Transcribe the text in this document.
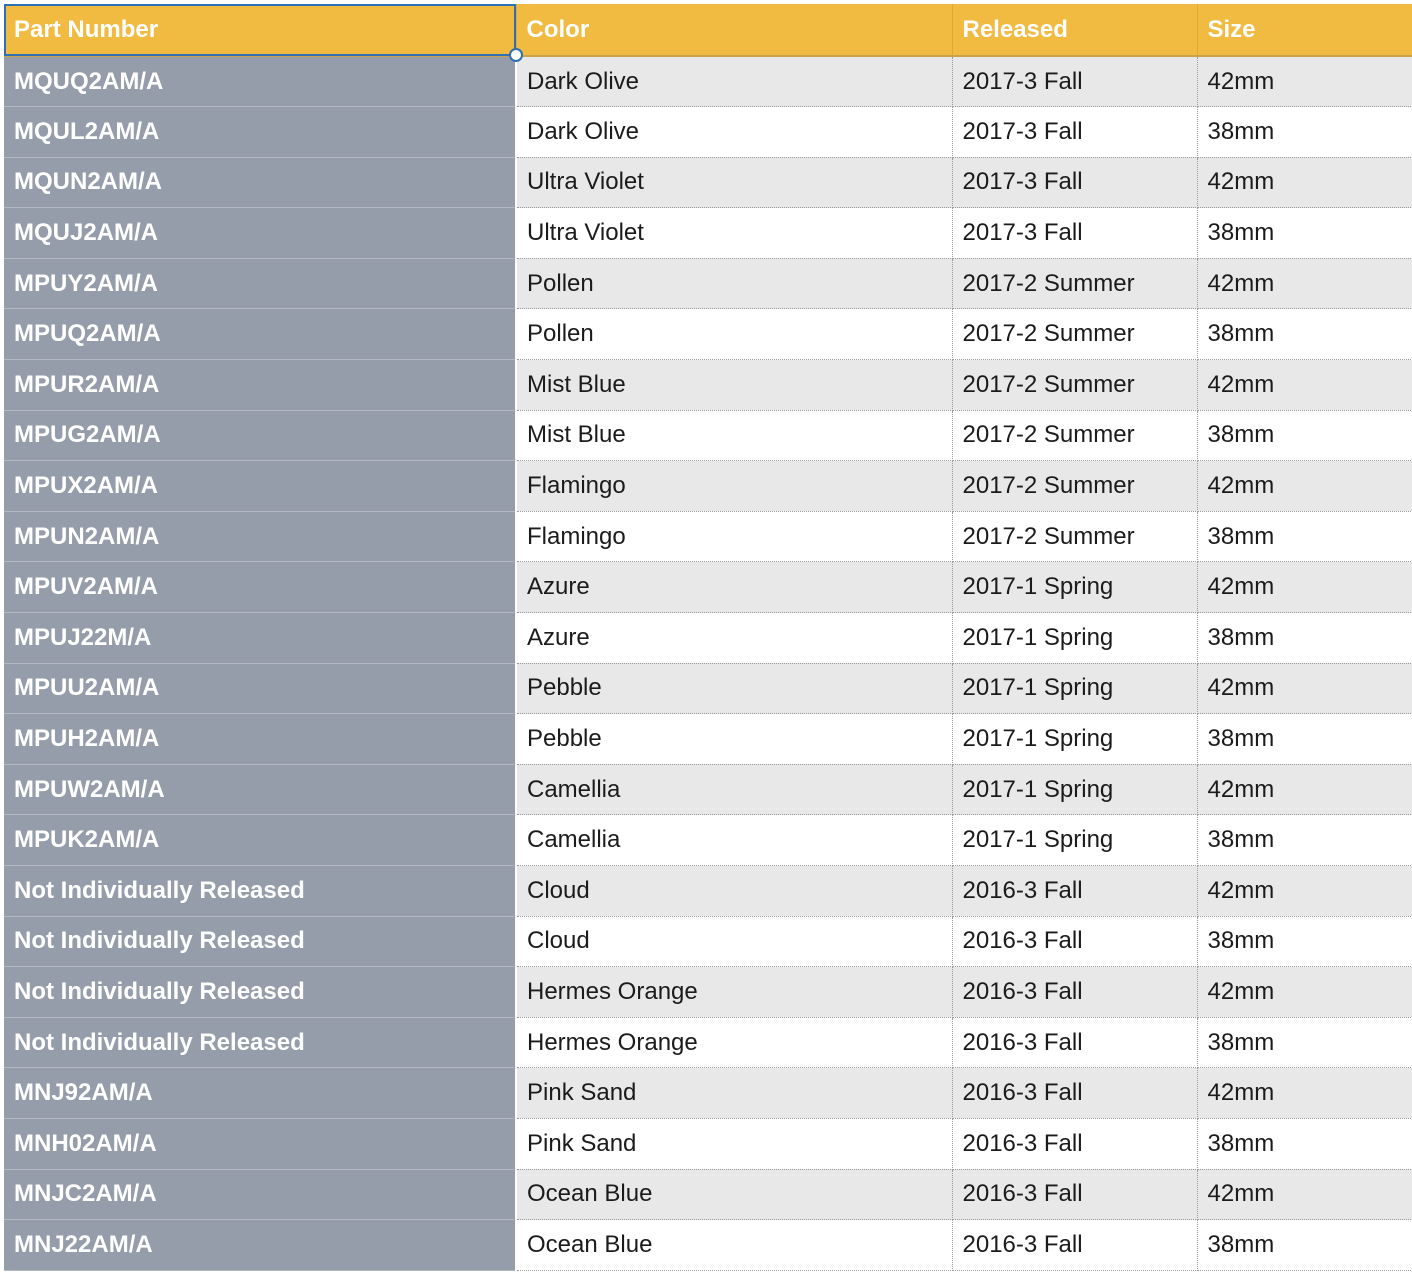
Part Number	Color	Released	Size
MQUQ2AM/A	Dark Olive	2017-3 Fall	42mm
MQUL2AM/A	Dark Olive	2017-3 Fall	38mm
MQUN2AM/A	Ultra Violet	2017-3 Fall	42mm
MQUJ2AM/A	Ultra Violet	2017-3 Fall	38mm
MPUY2AM/A	Pollen	2017-2 Summer	42mm
MPUQ2AM/A	Pollen	2017-2 Summer	38mm
MPUR2AM/A	Mist Blue	2017-2 Summer	42mm
MPUG2AM/A	Mist Blue	2017-2 Summer	38mm
MPUX2AM/A	Flamingo	2017-2 Summer	42mm
MPUN2AM/A	Flamingo	2017-2 Summer	38mm
MPUV2AM/A	Azure	2017-1 Spring	42mm
MPUJ22M/A	Azure	2017-1 Spring	38mm
MPUU2AM/A	Pebble	2017-1 Spring	42mm
MPUH2AM/A	Pebble	2017-1 Spring	38mm
MPUW2AM/A	Camellia	2017-1 Spring	42mm
MPUK2AM/A	Camellia	2017-1 Spring	38mm
Not Individually Released	Cloud	2016-3 Fall	42mm
Not Individually Released	Cloud	2016-3 Fall	38mm
Not Individually Released	Hermes Orange	2016-3 Fall	42mm
Not Individually Released	Hermes Orange	2016-3 Fall	38mm
MNJ92AM/A	Pink Sand	2016-3 Fall	42mm
MNH02AM/A	Pink Sand	2016-3 Fall	38mm
MNJC2AM/A	Ocean Blue	2016-3 Fall	42mm
MNJ22AM/A	Ocean Blue	2016-3 Fall	38mm
